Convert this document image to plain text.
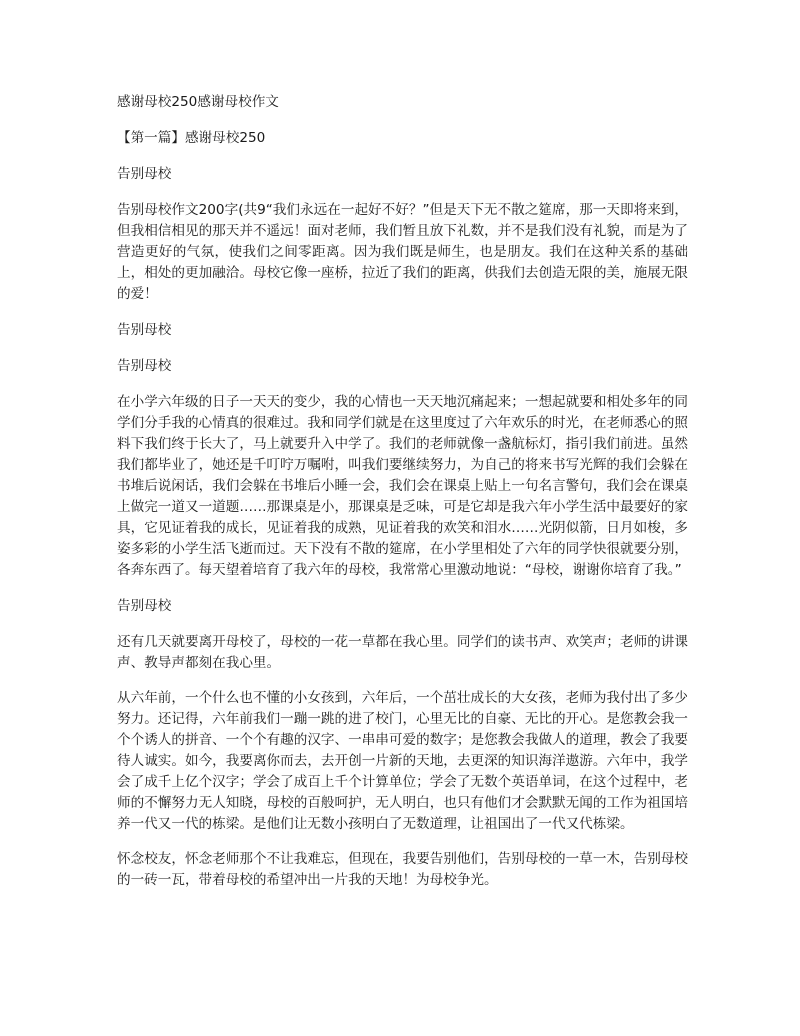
感谢母校250感谢母校作文

【第一篇】感谢母校250

告别母校

告别母校作文200字(共9“我们永远在一起好不好？”但是天下无不散之筵席，那一天即将来到，但我相信相见的那天并不遥远！面对老师，我们暂且放下礼数，并不是我们没有礼貌，而是为了营造更好的气氛，使我们之间零距离。因为我们既是师生，也是朋友。我们在这种关系的基础上，相处的更加融洽。母校它像一座桥，拉近了我们的距离，供我们去创造无限的美，施展无限的爱！

告别母校

告别母校

在小学六年级的日子一天天的变少，我的心情也一天天地沉痛起来；一想起就要和相处多年的同学们分手我的心情真的很难过。我和同学们就是在这里度过了六年欢乐的时光，在老师悉心的照料下我们终于长大了，马上就要升入中学了。我们的老师就像一盏航标灯，指引我们前进。虽然我们都毕业了，她还是千叮咛万嘱咐，叫我们要继续努力，为自己的将来书写光辉的我们会躲在书堆后说闲话，我们会躲在书堆后小睡一会，我们会在课桌上贴上一句名言警句，我们会在课桌上做完一道又一道题……那课桌是小，那课桌是乏味，可是它却是我六年小学生活中最要好的家具，它见证着我的成长，见证着我的成熟，见证着我的欢笑和泪水……光阴似箭，日月如梭，多姿多彩的小学生活飞逝而过。天下没有不散的筵席，在小学里相处了六年的同学快很就要分别，各奔东西了。每天望着培育了我六年的母校，我常常心里激动地说：“母校，谢谢你培育了我。”

告别母校

还有几天就要离开母校了，母校的一花一草都在我心里。同学们的读书声、欢笑声；老师的讲课声、教导声都刻在我心里。

从六年前，一个什么也不懂的小女孩到，六年后，一个茁壮成长的大女孩，老师为我付出了多少努力。还记得，六年前我们一蹦一跳的进了校门，心里无比的自豪、无比的开心。是您教会我一个个诱人的拼音、一个个有趣的汉字、一串串可爱的数字；是您教会我做人的道理，教会了我要待人诚实。如今，我要离你而去，去开创一片新的天地，去更深的知识海洋遨游。六年中，我学会了成千上亿个汉字；学会了成百上千个计算单位；学会了无数个英语单词，在这个过程中，老师的不懈努力无人知晓，母校的百般呵护，无人明白，也只有他们才会默默无闻的工作为祖国培养一代又一代的栋梁。是他们让无数小孩明白了无数道理，让祖国出了一代又代栋梁。

怀念校友，怀念老师那个不让我难忘，但现在，我要告别他们，告别母校的一草一木，告别母校的一砖一瓦，带着母校的希望冲出一片我的天地！为母校争光。
